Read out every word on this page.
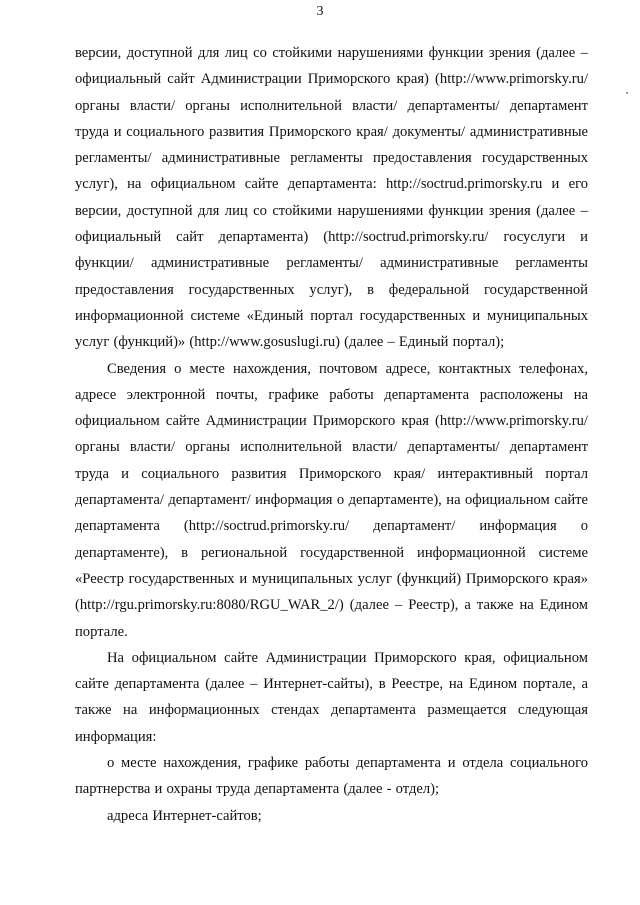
3

версии, доступной для лиц со стойкими нарушениями функции зрения (далее – официальный сайт Администрации Приморского края) (http://www.primorsky.ru/ органы власти/ органы исполнительной власти/ департаменты/ департамент труда и социального развития Приморского края/ документы/ административные регламенты/ административные регламенты предоставления государственных услуг), на официальном сайте департамента: http://soctrud.primorsky.ru и его версии, доступной для лиц со стойкими нарушениями функции зрения (далее – официальный сайт департамента) (http://soctrud.primorsky.ru/ госуслуги и функции/ административные регламенты/ административные регламенты предоставления государственных услуг), в федеральной государственной информационной системе «Единый портал государственных и муниципальных услуг (функций)» (http://www.gosuslugi.ru) (далее – Единый портал);

Сведения о месте нахождения, почтовом адресе, контактных телефонах, адресе электронной почты, графике работы департамента расположены на официальном сайте Администрации Приморского края (http://www.primorsky.ru/ органы власти/ органы исполнительной власти/ департаменты/ департамент труда и социального развития Приморского края/ интерактивный портал департамента/ департамент/ информация о департаменте), на официальном сайте департамента (http://soctrud.primorsky.ru/ департамент/ информация о департаменте), в региональной государственной информационной системе «Реестр государственных и муниципальных услуг (функций) Приморского края» (http://rgu.primorsky.ru:8080/RGU_WAR_2/) (далее – Реестр), а также на Едином портале.

На официальном сайте Администрации Приморского края, официальном сайте департамента (далее – Интернет-сайты), в Реестре, на Едином портале, а также на информационных стендах департамента размещается следующая информация:

о месте нахождения, графике работы департамента и отдела социального партнерства и охраны труда департамента (далее - отдел);

адреса Интернет-сайтов;
